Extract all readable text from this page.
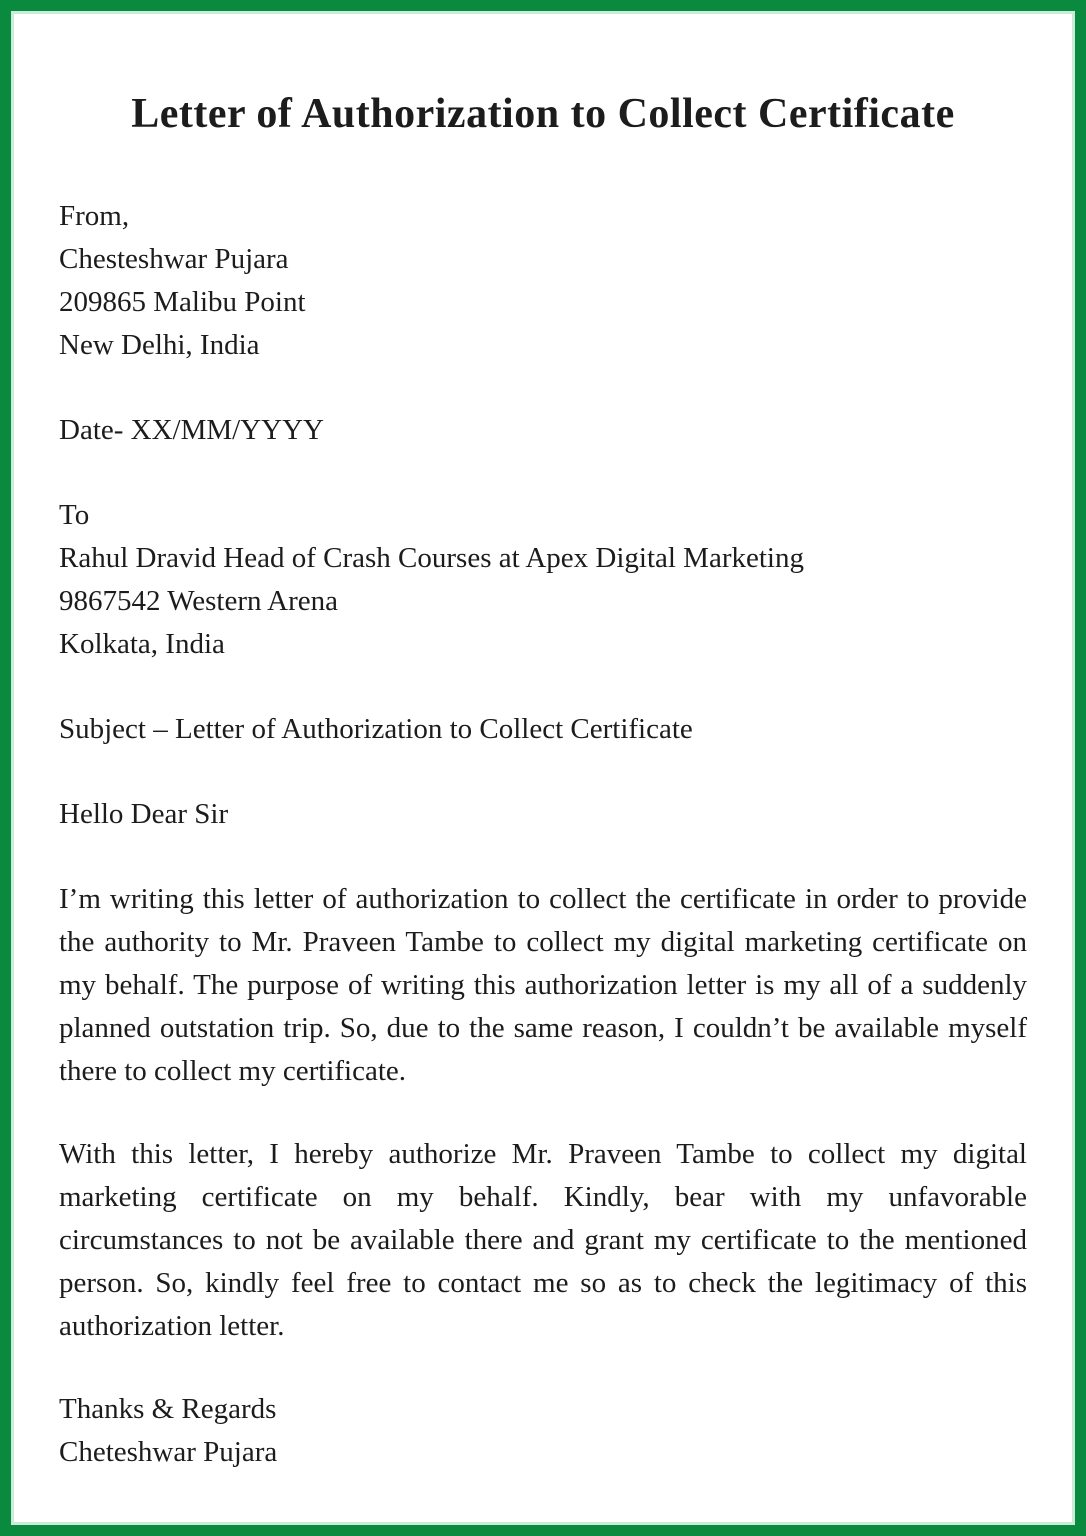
Letter of Authorization to Collect Certificate

From,

Chesteshwar Pujara

209865 Malibu Point

New Delhi, India

Date- XX/MM/YYYY

To

Rahul Dravid Head of Crash Courses at Apex Digital Marketing

9867542 Western Arena

Kolkata, India

Subject – Letter of Authorization to Collect Certificate

Hello Dear Sir

I’m writing this letter of authorization to collect the certificate in order to provide the authority to Mr. Praveen Tambe to collect my digital marketing certificate on my behalf. The purpose of writing this authorization letter is my all of a suddenly planned outstation trip. So, due to the same reason, I couldn’t be available myself there to collect my certificate.

With this letter, I hereby authorize Mr. Praveen Tambe to collect my digital marketing certificate on my behalf. Kindly, bear with my unfavorable circumstances to not be available there and grant my certificate to the mentioned person. So, kindly feel free to contact me so as to check the legitimacy of this authorization letter.

Thanks & Regards

Cheteshwar Pujara
